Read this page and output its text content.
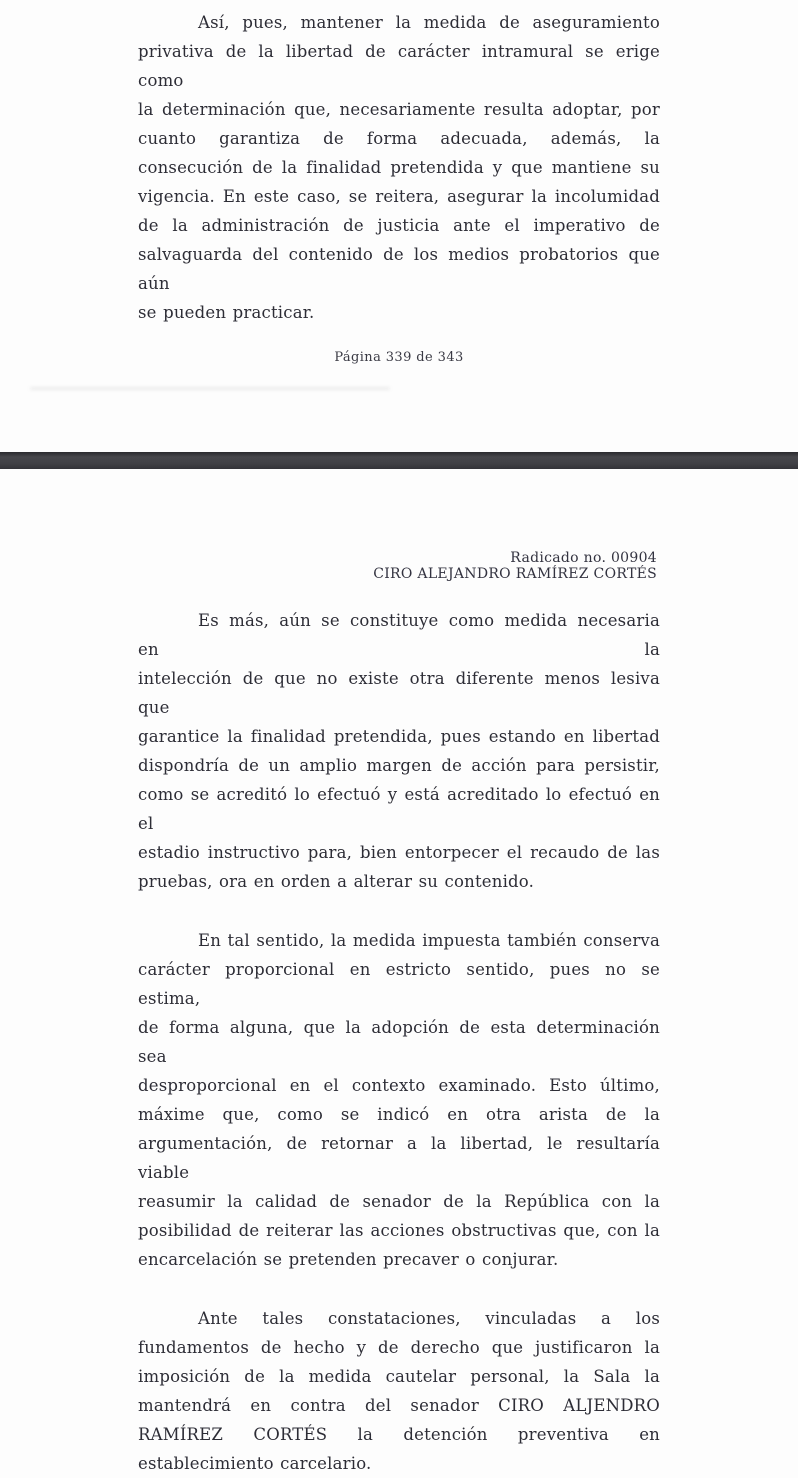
Así, pues, mantener la medida de aseguramiento
privativa de la libertad de carácter intramural se erige como
la determinación que, necesariamente resulta adoptar, por
cuanto garantiza de forma adecuada, además, la
consecución de la finalidad pretendida y que mantiene su
vigencia. En este caso, se reitera, asegurar la incolumidad
de la administración de justicia ante el imperativo de
salvaguarda del contenido de los medios probatorios que aún
se pueden practicar.
Página 339 de 343
Radicado no. 00904
CIRO ALEJANDRO RAMÍREZ CORTÉS
Es más, aún se constituye como medida necesaria en la
intelección de que no existe otra diferente menos lesiva que
garantice la finalidad pretendida, pues estando en libertad
dispondría de un amplio margen de acción para persistir,
como se acreditó lo efectuó y está acreditado lo efectuó en el
estadio instructivo para, bien entorpecer el recaudo de las
pruebas, ora en orden a alterar su contenido.
En tal sentido, la medida impuesta también conserva
carácter proporcional en estricto sentido, pues no se estima,
de forma alguna, que la adopción de esta determinación sea
desproporcional en el contexto examinado. Esto último,
máxime que, como se indicó en otra arista de la
argumentación, de retornar a la libertad, le resultaría viable
reasumir la calidad de senador de la República con la
posibilidad de reiterar las acciones obstructivas que, con la
encarcelación se pretenden precaver o conjurar.
Ante tales constataciones, vinculadas a los
fundamentos de hecho y de derecho que justificaron la
imposición de la medida cautelar personal, la Sala la
mantendrá en contra del senador CIRO ALJENDRO
RAMÍREZ CORTÉS la detención preventiva en
establecimiento carcelario.
